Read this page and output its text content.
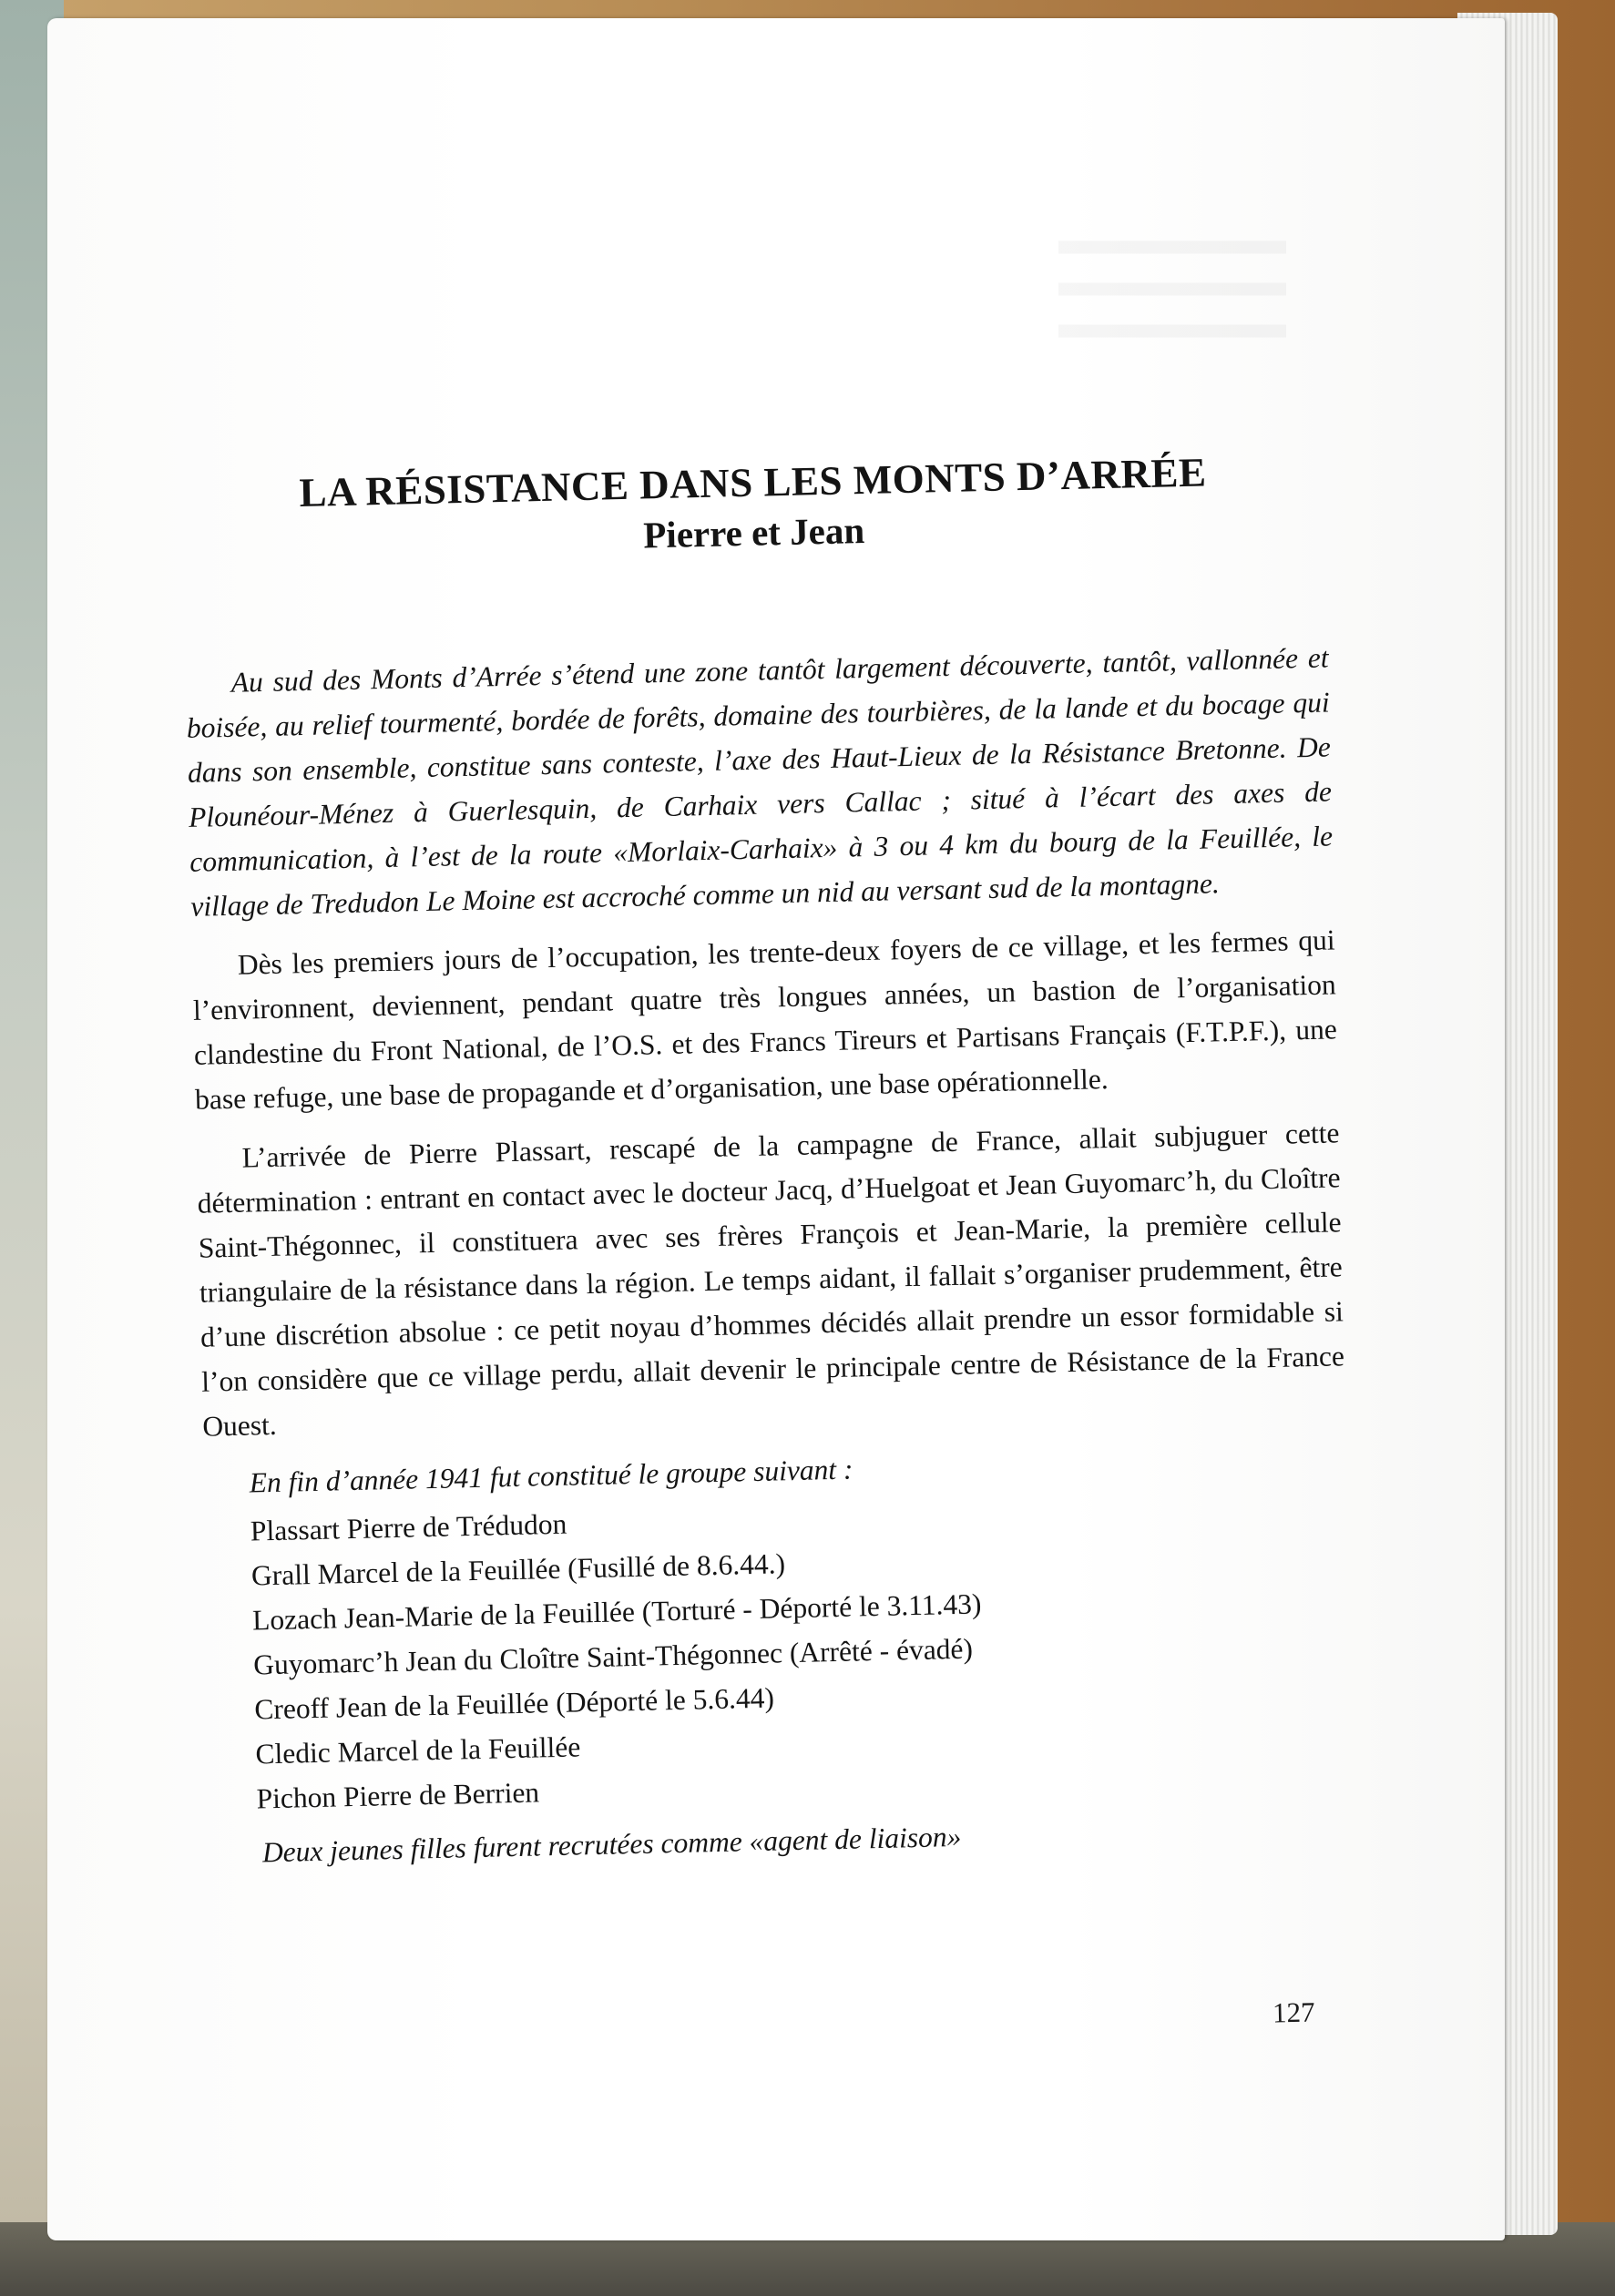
LA RÉSISTANCE DANS LES MONTS D’ARRÉE
Pierre et Jean

Au sud des Monts d’Arrée s’étend une zone tantôt largement découverte, tantôt, vallonnée et boisée, au relief tourmenté, bordée de forêts, domaine des tourbières, de la lande et du bocage qui dans son ensemble, constitue sans conteste, l’axe des Haut-Lieux de la Résistance Bretonne. De Plounéour-Ménez à Guerlesquin, de Carhaix vers Callac ; situé à l’écart des axes de communication, à l’est de la route «Morlaix-Carhaix» à 3 ou 4 km du bourg de la Feuillée, le village de Tredudon Le Moine est accroché comme un nid au versant sud de la montagne.

Dès les premiers jours de l’occupation, les trente-deux foyers de ce village, et les fermes qui l’environnent, deviennent, pendant quatre très longues années, un bastion de l’organisation clandestine du Front National, de l’O.S. et des Francs Tireurs et Partisans Français (F.T.P.F.), une base refuge, une base de propagande et d’organisation, une base opérationnelle.

L’arrivée de Pierre Plassart, rescapé de la campagne de France, allait subjuguer cette détermination : entrant en contact avec le docteur Jacq, d’Huelgoat et Jean Guyomarc’h, du Cloître Saint-Thégonnec, il constituera avec ses frères François et Jean-Marie, la première cellule triangulaire de la résistance dans la région. Le temps aidant, il fallait s’organiser prudemment, être d’une discrétion absolue : ce petit noyau d’hommes décidés allait prendre un essor formidable si l’on considère que ce village perdu, allait devenir le principale centre de Résistance de la France Ouest.

En fin d’année 1941 fut constitué le groupe suivant :

Plassart Pierre de Trédudon
Grall Marcel de la Feuillée (Fusillé de 8.6.44.)
Lozach Jean-Marie de la Feuillée (Torturé - Déporté le 3.11.43)
Guyomarc’h Jean du Cloître Saint-Thégonnec (Arrêté - évadé)
Creoff Jean de la Feuillée (Déporté le 5.6.44)
Cledic Marcel de la Feuillée
Pichon Pierre de Berrien

Deux jeunes filles furent recrutées comme «agent de liaison»

127
